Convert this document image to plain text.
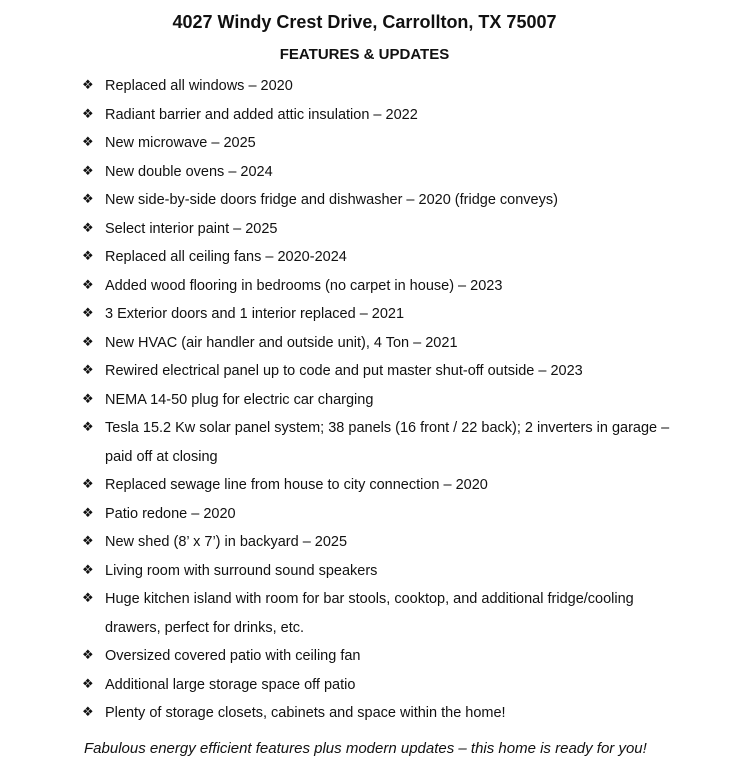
4027 Windy Crest Drive, Carrollton, TX 75007
FEATURES & UPDATES
❖ Replaced all windows – 2020
❖ Radiant barrier and added attic insulation – 2022
❖ New microwave – 2025
❖ New double ovens – 2024
❖ New side-by-side doors fridge and dishwasher – 2020 (fridge conveys)
❖ Select interior paint – 2025
❖ Replaced all ceiling fans – 2020-2024
❖ Added wood flooring in bedrooms (no carpet in house) – 2023
❖ 3 Exterior doors and 1 interior replaced – 2021
❖ New HVAC (air handler and outside unit), 4 Ton – 2021
❖ Rewired electrical panel up to code and put master shut-off outside – 2023
❖ NEMA 14-50 plug for electric car charging
❖ Tesla 15.2 Kw solar panel system; 38 panels (16 front / 22 back); 2 inverters in garage – paid off at closing
❖ Replaced sewage line from house to city connection – 2020
❖ Patio redone – 2020
❖ New shed (8’ x 7’) in backyard – 2025
❖ Living room with surround sound speakers
❖ Huge kitchen island with room for bar stools, cooktop, and additional fridge/cooling drawers, perfect for drinks, etc.
❖ Oversized covered patio with ceiling fan
❖ Additional large storage space off patio
❖ Plenty of storage closets, cabinets and space within the home!
Fabulous energy efficient features plus modern updates – this home is ready for you!
